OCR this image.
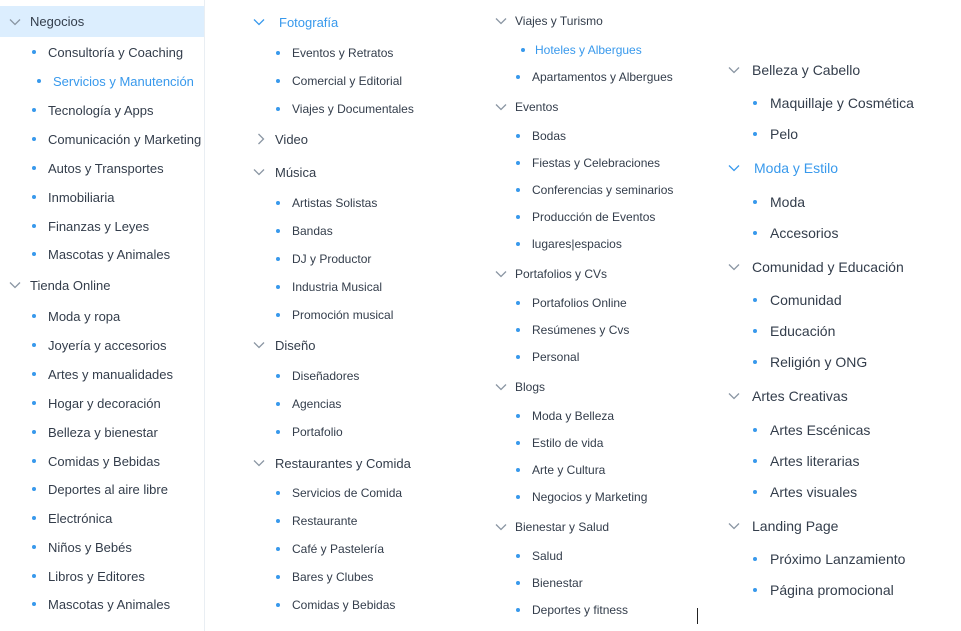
Negocios
Consultoría y Coaching
Servicios y Manutención
Tecnología y Apps
Comunicación y Marketing
Autos y Transportes
Inmobiliaria
Finanzas y Leyes
Mascotas y Animales
Tienda Online
Moda y ropa
Joyería y accesorios
Artes y manualidades
Hogar y decoración
Belleza y bienestar
Comidas y Bebidas
Deportes al aire libre
Electrónica
Niños y Bebés
Libros y Editores
Mascotas y Animales
Fotografía
Eventos y Retratos
Comercial y Editorial
Viajes y Documentales
Video
Música
Artistas Solistas
Bandas
DJ y Productor
Industria Musical
Promoción musical
Diseño
Diseñadores
Agencias
Portafolio
Restaurantes y Comida
Servicios de Comida
Restaurante
Café y Pastelería
Bares y Clubes
Comidas y Bebidas
Viajes y Turismo
Hoteles y Albergues
Apartamentos y Albergues
Eventos
Bodas
Fiestas y Celebraciones
Conferencias y seminarios
Producción de Eventos
lugares|espacios
Portafolios y CVs
Portafolios Online
Resúmenes y Cvs
Personal
Blogs
Moda y Belleza
Estilo de vida
Arte y Cultura
Negocios y Marketing
Bienestar y Salud
Salud
Bienestar
Deportes y fitness
Belleza y Cabello
Maquillaje y Cosmética
Pelo
Moda y Estilo
Moda
Accesorios
Comunidad y Educación
Comunidad
Educación
Religión y ONG
Artes Creativas
Artes Escénicas
Artes literarias
Artes visuales
Landing Page
Próximo Lanzamiento
Página promocional
